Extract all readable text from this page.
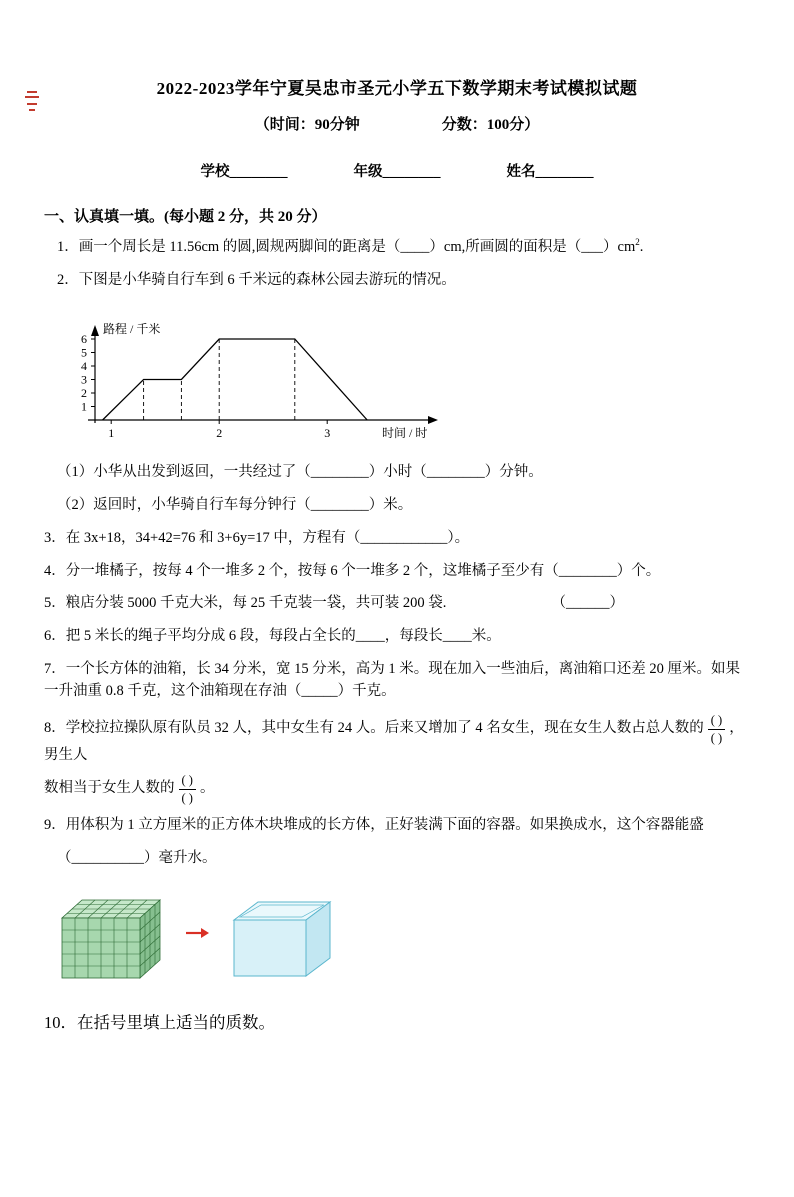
2022-2023学年宁夏吴忠市圣元小学五下数学期末考试模拟试题
（时间：90分钟	分数：100分）
学校________	年级________	姓名________
一、认真填一填。(每小题 2 分，共 20 分）

1．画一个周长是 11.56cm 的圆,圆规两脚间的距离是（____）cm,所画圆的面积是$(\_\_\_)cm^2$.

2．下图是小华骑自行车到 6 千米远的森林公园去游玩的情况。

1
2
3
4
5
6
1	2	3
路程 / 千米
时间 / 时

（1）小华从出发到返回，一共经过了（________）小时（________）分钟。

（2）返回时，小华骑自行车每分钟行（________）米。

3．在 3x+18，34+42=76 和 3+6y=17 中，方程有（____________）。

4．分一堆橘子，按每 4 个一堆多 2 个，按每 6 个一堆多 2 个，这堆橘子至少有（________）个。

5．粮店分装 5000 千克大米，每 25 千克装一袋，共可装 200 袋.	（______）

6．把 5 米长的绳子平均分成 6 段，每段占全长的____，每段长____米。

7．一个长方体的油箱，长 34 分米，宽 15 分米，高为 1 米。现在加入一些油后，离油箱口还差 20 厘米。如果一升油重 0.8 千克，这个油箱现在存油（_____）千克。

8．学校拉拉操队原有队员 32 人，其中女生有 24 人。后来又增加了 4 名女生，现在女生人数占总人数的 $\frac{( )}{( )}$ ，男生人

数相当于女生人数的 $\frac{( )}{( )}$ 。

9．用体积为 1 立方厘米的正方体木块堆成的长方体，正好装满下面的容器。如果换成水，这个容器能盛

（__________）毫升水。

10．在括号里填上适当的质数。
